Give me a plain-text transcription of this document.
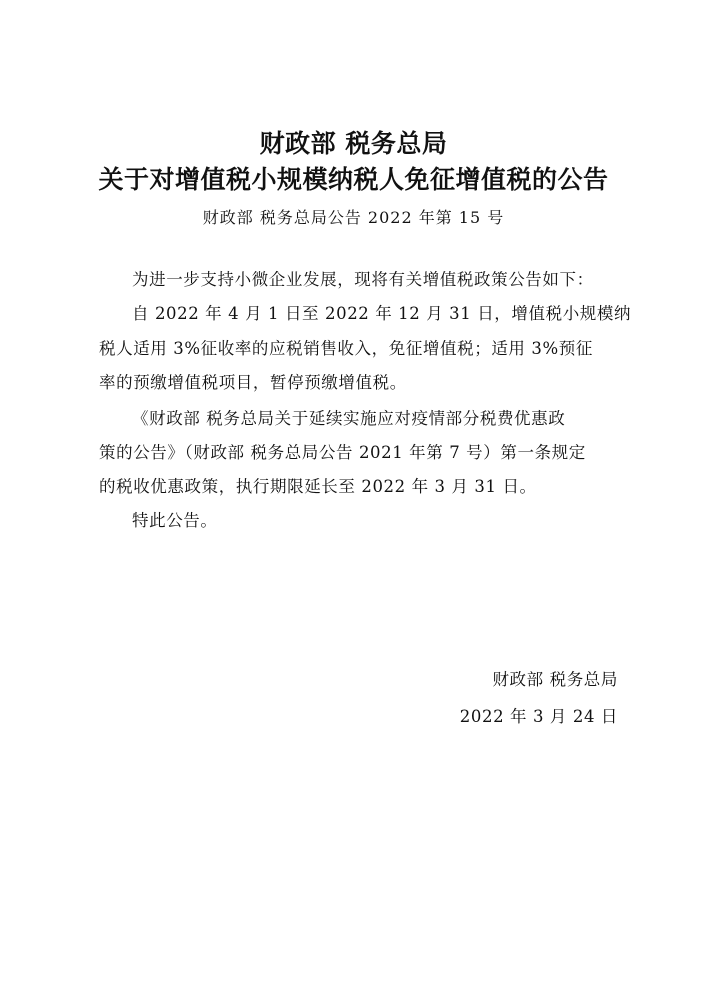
财政部 税务总局
关于对增值税小规模纳税人免征增值税的公告
财政部 税务总局公告 2022 年第 15 号
为进一步支持小微企业发展，现将有关增值税政策公告如下：
自 2022 年 4 月 1 日至 2022 年 12 月 31 日，增值税小规模纳
税人适用 3%征收率的应税销售收入，免征增值税；适用 3%预征
率的预缴增值税项目，暂停预缴增值税。
《财政部 税务总局关于延续实施应对疫情部分税费优惠政
策的公告》（财政部 税务总局公告 2021 年第 7 号）第一条规定
的税收优惠政策，执行期限延长至 2022 年 3 月 31 日。
特此公告。
财政部 税务总局
2022 年 3 月 24 日
